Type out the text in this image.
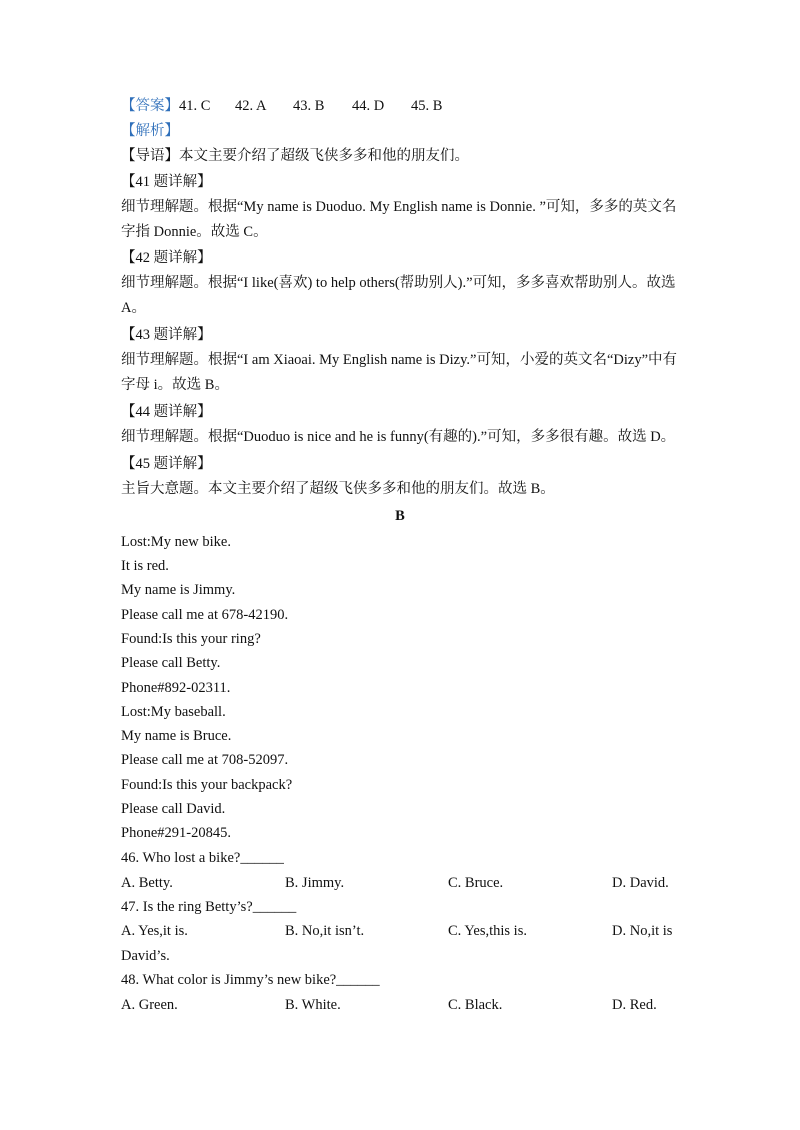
【答案】41. C 42. A 43. B 44. D 45. B
【解析】
【导语】本文主要介绍了超级飞侠多多和他的朋友们。
【41 题详解】
细节理解题。根据“My name is Duoduo. My English name is Donnie. ”可知，多多的英文名
字指 Donnie。故选 C。
【42 题详解】
细节理解题。根据“I like(喜欢) to help others(帮助别人).”可知，多多喜欢帮助别人。故选
A。
【43 题详解】
细节理解题。根据“I am Xiaoai. My English name is Dizy.”可知，小爱的英文名“Dizy”中有
字母 i。故选 B。
【44 题详解】
细节理解题。根据“Duoduo is nice and he is funny(有趣的).”可知，多多很有趣。故选 D。
【45 题详解】
主旨大意题。本文主要介绍了超级飞侠多多和他的朋友们。故选 B。
B
Lost:My new bike.
It is red.
My name is Jimmy.
Please call me at 678-42190.
Found:Is this your ring?
Please call Betty.
Phone#892-02311.
Lost:My baseball.
My name is Bruce.
Please call me at 708-52097.
Found:Is this your backpack?
Please call David.
Phone#291-20845.
46. Who lost a bike?______
A. Betty.	B. Jimmy.	C. Bruce.	D. David.
47. Is the ring Betty’s?______
A. Yes,it is.	B. No,it isn’t.	C. Yes,this is.	D. No,it is
David’s.
48. What color is Jimmy’s new bike?______
A. Green.	B. White.	C. Black.	D. Red.
